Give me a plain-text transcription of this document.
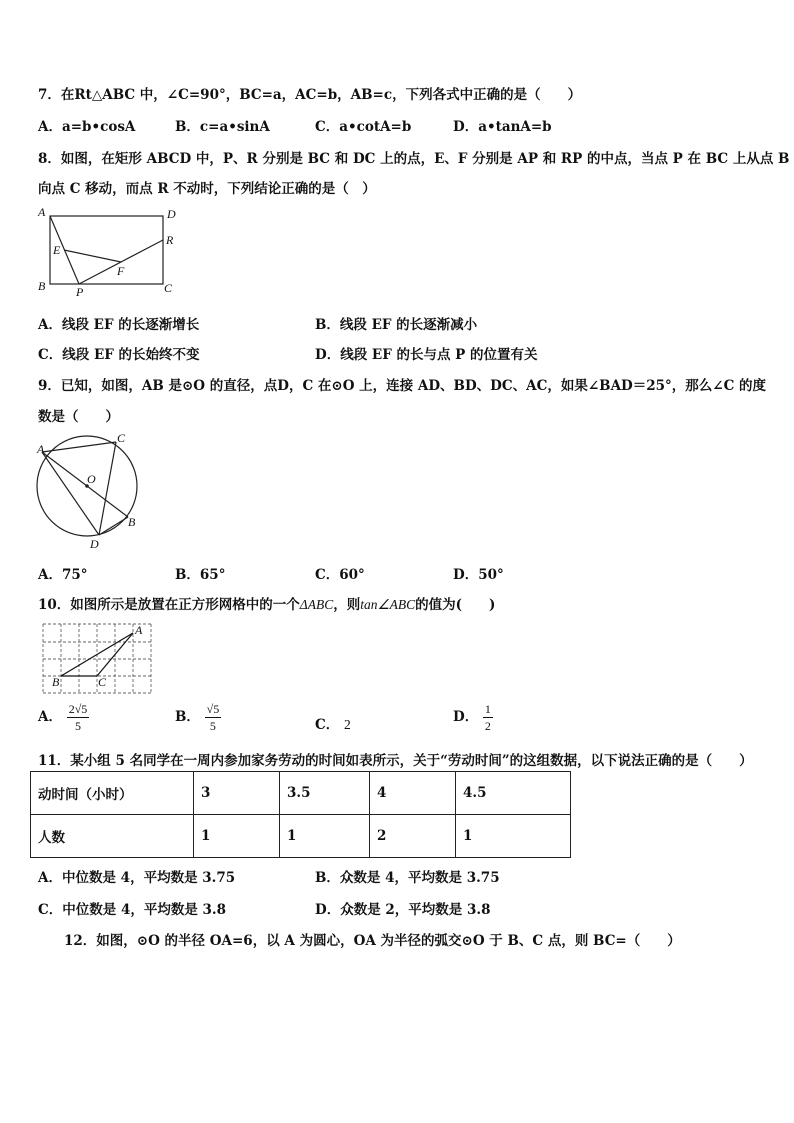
7．在Rt△ABC 中，∠C=90°，BC=a，AC=b，AB=c，下列各式中正确的是（　　）
A．a=b•cosA	B．c=a•sinA	C．a•cotA=b	D．a•tanA=b
8．如图，在矩形 ABCD 中，P、R 分别是 BC 和 DC 上的点，E、F 分别是 AP 和 RP 的中点，当点 P 在 BC 上从点 B
向点 C 移动，而点 R 不动时，下列结论正确的是（　）
A	D
E
R
F
B	P	C
A．线段 EF 的长逐渐增长	B．线段 EF 的长逐渐减小
C．线段 EF 的长始终不变	D．线段 EF 的长与点 P 的位置有关
9．已知，如图，AB 是⊙O 的直径，点D，C 在⊙O 上，连接 AD、BD、DC、AC，如果∠BAD＝25°，那么∠C 的度
数是（　　）
A
C
O
B
D
A．75°	B．65°	C．60°	D．50°
10．如图所示是放置在正方形网格中的一个ΔABC，则tan∠ABC的值为(　　)
A
B	C
A． $\frac{2√5}{5}$	B． $\frac{√5}{5}$	C． 2	D． $\frac{1}{2}$
11．某小组 5 名同学在一周内参加家务劳动的时间如表所示，关于“劳动时间”的这组数据，以下说法正确的是（　　）
动时间（小时）	3	3.5	4	4.5
人数	1	1	2	1
A．中位数是 4，平均数是 3.75	B．众数是 4，平均数是 3.75
C．中位数是 4，平均数是 3.8	D．众数是 2，平均数是 3.8
12．如图，⊙O 的半径 OA=6，以 A 为圆心，OA 为半径的弧交⊙O 于 B、C 点，则 BC=（　　）
